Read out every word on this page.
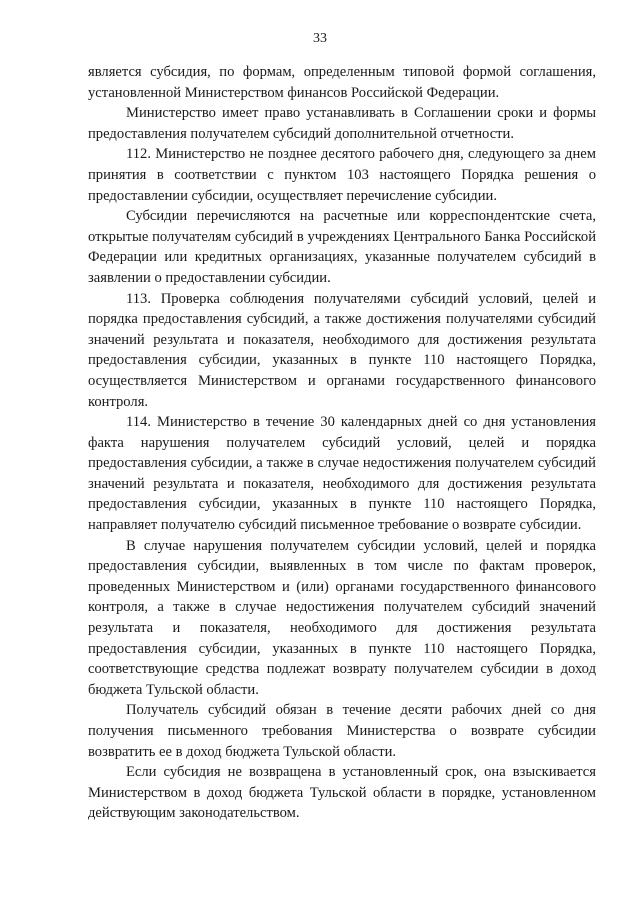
33

является субсидия, по формам, определенным типовой формой соглашения, установленной Министерством финансов Российской Федерации.

Министерство имеет право устанавливать в Соглашении сроки и формы предоставления получателем субсидий дополнительной отчетности.

112. Министерство не позднее десятого рабочего дня, следующего за днем принятия в соответствии с пунктом 103 настоящего Порядка решения о предоставлении субсидии, осуществляет перечисление субсидии.

Субсидии перечисляются на расчетные или корреспондентские счета, открытые получателям субсидий в учреждениях Центрального Банка Российской Федерации или кредитных организациях, указанные получателем субсидий в заявлении о предоставлении субсидии.

113. Проверка соблюдения получателями субсидий условий, целей и порядка предоставления субсидий, а также достижения получателями субсидий значений результата и показателя, необходимого для достижения результата предоставления субсидии, указанных в пункте 110 настоящего Порядка, осуществляется Министерством и органами государственного финансового контроля.

114. Министерство в течение 30 календарных дней со дня установления факта нарушения получателем субсидий условий, целей и порядка предоставления субсидии, а также в случае недостижения получателем субсидий значений результата и показателя, необходимого для достижения результата предоставления субсидии, указанных в пункте 110 настоящего Порядка, направляет получателю субсидий письменное требование о возврате субсидии.

В случае нарушения получателем субсидии условий, целей и порядка предоставления субсидии, выявленных в том числе по фактам проверок, проведенных Министерством и (или) органами государственного финансового контроля, а также в случае недостижения получателем субсидий значений результата и показателя, необходимого для достижения результата предоставления субсидии, указанных в пункте 110 настоящего Порядка, соответствующие средства подлежат возврату получателем субсидии в доход бюджета Тульской области.

Получатель субсидий обязан в течение десяти рабочих дней со дня получения письменного требования Министерства о возврате субсидии возвратить ее в доход бюджета Тульской области.

Если субсидия не возвращена в установленный срок, она взыскивается Министерством в доход бюджета Тульской области в порядке, установленном действующим законодательством.
